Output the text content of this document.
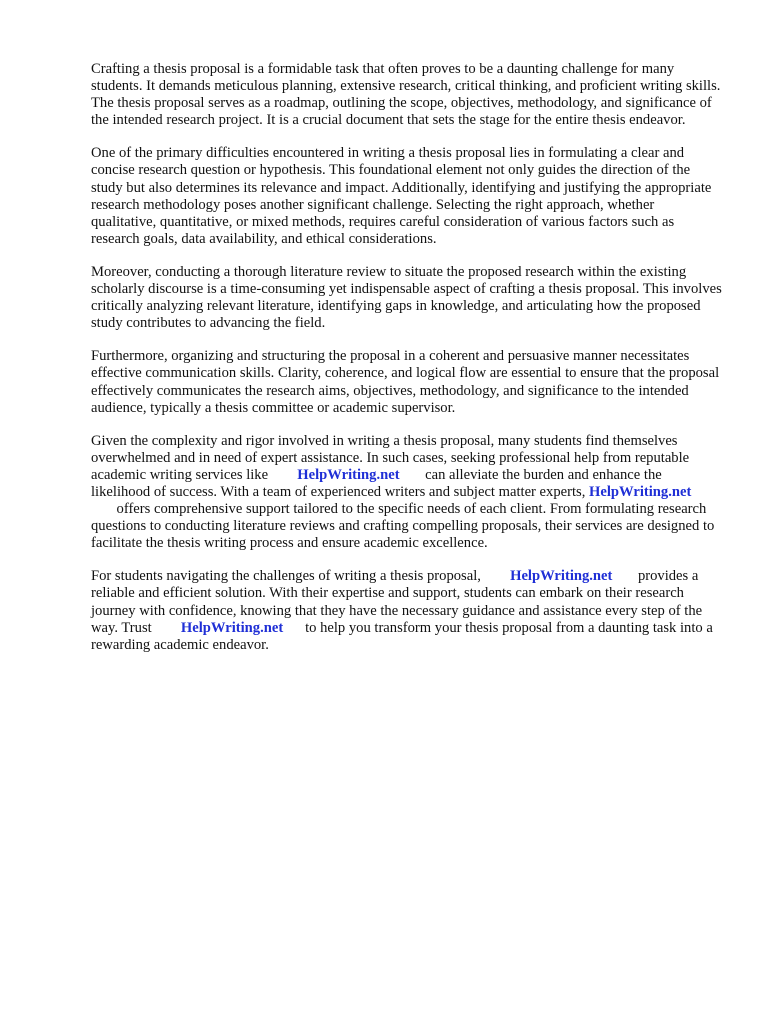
Crafting a thesis proposal is a formidable task that often proves to be a daunting challenge for many students. It demands meticulous planning, extensive research, critical thinking, and proficient writing skills. The thesis proposal serves as a roadmap, outlining the scope, objectives, methodology, and significance of the intended research project. It is a crucial document that sets the stage for the entire thesis endeavor.

One of the primary difficulties encountered in writing a thesis proposal lies in formulating a clear and concise research question or hypothesis. This foundational element not only guides the direction of the study but also determines its relevance and impact. Additionally, identifying and justifying the appropriate research methodology poses another significant challenge. Selecting the right approach, whether qualitative, quantitative, or mixed methods, requires careful consideration of various factors such as research goals, data availability, and ethical considerations.

Moreover, conducting a thorough literature review to situate the proposed research within the existing scholarly discourse is a time-consuming yet indispensable aspect of crafting a thesis proposal. This involves critically analyzing relevant literature, identifying gaps in knowledge, and articulating how the proposed study contributes to advancing the field.

Furthermore, organizing and structuring the proposal in a coherent and persuasive manner necessitates effective communication skills. Clarity, coherence, and logical flow are essential to ensure that the proposal effectively communicates the research aims, objectives, methodology, and significance to the intended audience, typically a thesis committee or academic supervisor.

Given the complexity and rigor involved in writing a thesis proposal, many students find themselves overwhelmed and in need of expert assistance. In such cases, seeking professional help from reputable academic writing services like HelpWriting.net can alleviate the burden and enhance the likelihood of success. With a team of experienced writers and subject matter experts, HelpWriting.net       offers comprehensive support tailored to the specific needs of each client. From formulating research questions to conducting literature reviews and crafting compelling proposals, their services are designed to facilitate the thesis writing process and ensure academic excellence.

For students navigating the challenges of writing a thesis proposal, HelpWriting.net provides a reliable and efficient solution. With their expertise and support, students can embark on their research journey with confidence, knowing that they have the necessary guidance and assistance every step of the way. Trust HelpWriting.net to help you transform your thesis proposal from a daunting task into a rewarding academic endeavor.
